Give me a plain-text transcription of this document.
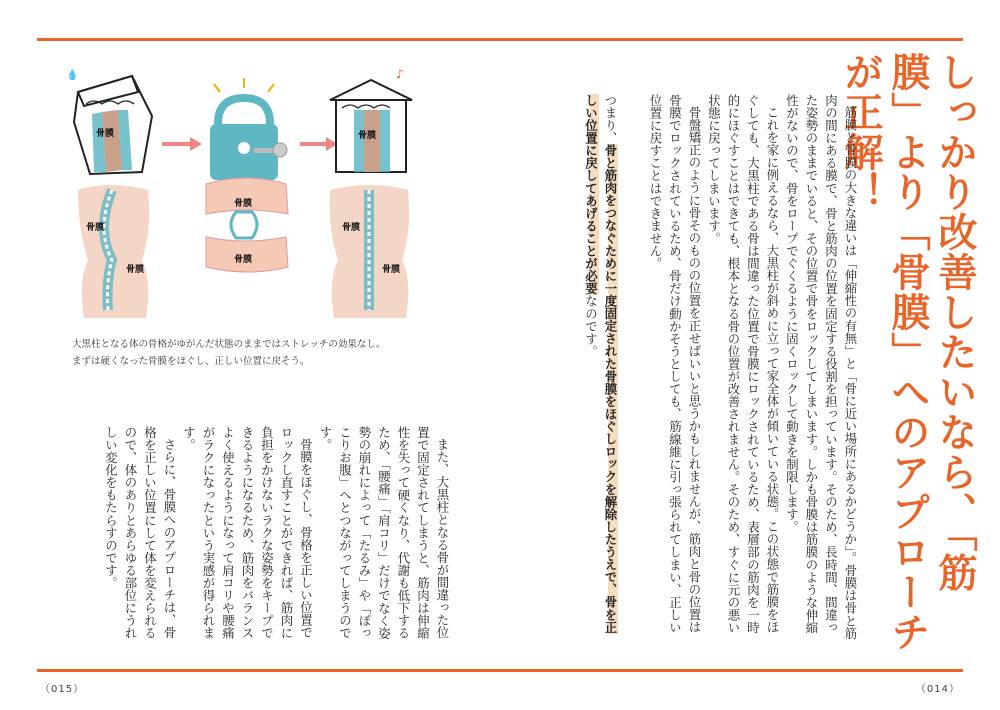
しっかり改善したいなら、「筋膜」より「骨膜」へのアプローチが正解！

筋膜と骨膜の大きな違いは「伸縮性の有無」と「骨に近い場所にあるかどうか」。骨膜は骨と筋肉の間にある膜で、骨と筋肉の位置を固定する役割を担っています。そのため、長時間、間違った姿勢のままでいると、その位置で骨をロックしてしまいます。しかも骨膜は筋膜のような伸縮性がないので、骨をロープでぐくるように固くロックして動きを制限します。

これを家に例えるなら、大黒柱が斜めに立って家全体が傾いている状態。この状態で筋膜をほぐしても、大黒柱である骨は間違った位置で骨膜にロックされているため、表層部の筋肉を一時的にほぐすことはできても、根本となる骨の位置が改善されません。そのため、すぐに元の悪い状態に戻ってしまいます。

骨盤矯正のように骨そのものの位置を正せばいいと思うかもしれませんが、筋肉と骨の位置は骨膜でロックされているため、骨だけ動かそうとしても、筋線維に引っ張られてしまい、正しい位置に戻すことはできません。

つまり、骨と筋肉をつなぐために一度固定された骨膜をほぐしロックを解除したうえで、骨を正しい位置に戻してあげることが必要なのです。

また、大黒柱となる骨が間違った位置で固定されてしまうと、筋肉は伸縮性を失って硬くなり、代謝も低下するため、「腰痛」「肩コリ」だけでなく姿勢の崩れによって「たるみ」や「ぽっこりお腹」へとつながってしまうのです。

骨膜をほぐし、骨格を正しい位置でロックし直すことができれば、筋肉に負担をかけないラクな姿勢をキープできるようになるため、筋肉をバランスよく使えるようになって肩コリや腰痛がラクになったという実感が得られます。

さらに、骨膜へのアプローチは、骨格を正しい位置にして体を変えられるので、体のありとあらゆる部位にうれしい変化をもたらすのです。

💧	♪
骨膜
骨膜
骨膜
骨膜
骨膜
骨膜
骨膜
骨膜
大黒柱となる体の骨格がゆがんだ状態のままではストレッチの効果なし。
まずは硬くなった骨膜をほぐし、正しい位置に戻そう。
（015）	（014）
